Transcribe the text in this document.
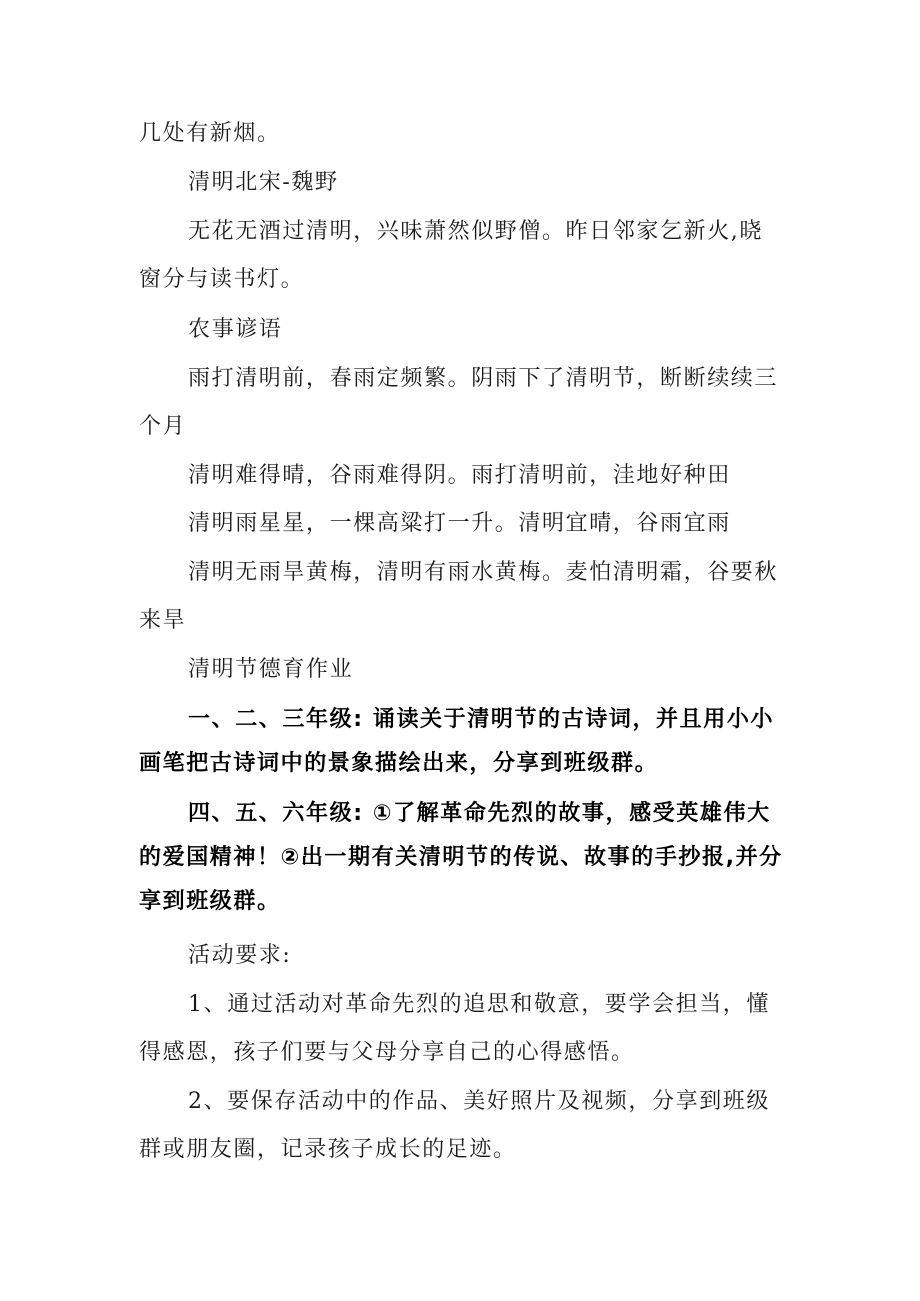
几处有新烟。

清明北宋-魏野

无花无酒过清明，兴味萧然似野僧。昨日邻家乞新火,晓窗分与读书灯。

农事谚语

雨打清明前，春雨定频繁。阴雨下了清明节，断断续续三个月

清明难得晴，谷雨难得阴。雨打清明前，洼地好种田

清明雨星星，一棵高粱打一升。清明宜晴，谷雨宜雨

清明无雨旱黄梅，清明有雨水黄梅。麦怕清明霜，谷要秋来旱

清明节德育作业

一、二、三年级: 诵读关于清明节的古诗词，并且用小小画笔把古诗词中的景象描绘出来，分享到班级群。

四、五、六年级: ①了解革命先烈的故事，感受英雄伟大的爱国精神！②出一期有关清明节的传说、故事的手抄报,并分享到班级群。

活动要求:

1、通过活动对革命先烈的追思和敬意，要学会担当，懂得感恩，孩子们要与父母分享自己的心得感悟。

2、要保存活动中的作品、美好照片及视频，分享到班级群或朋友圈，记录孩子成长的足迹。
